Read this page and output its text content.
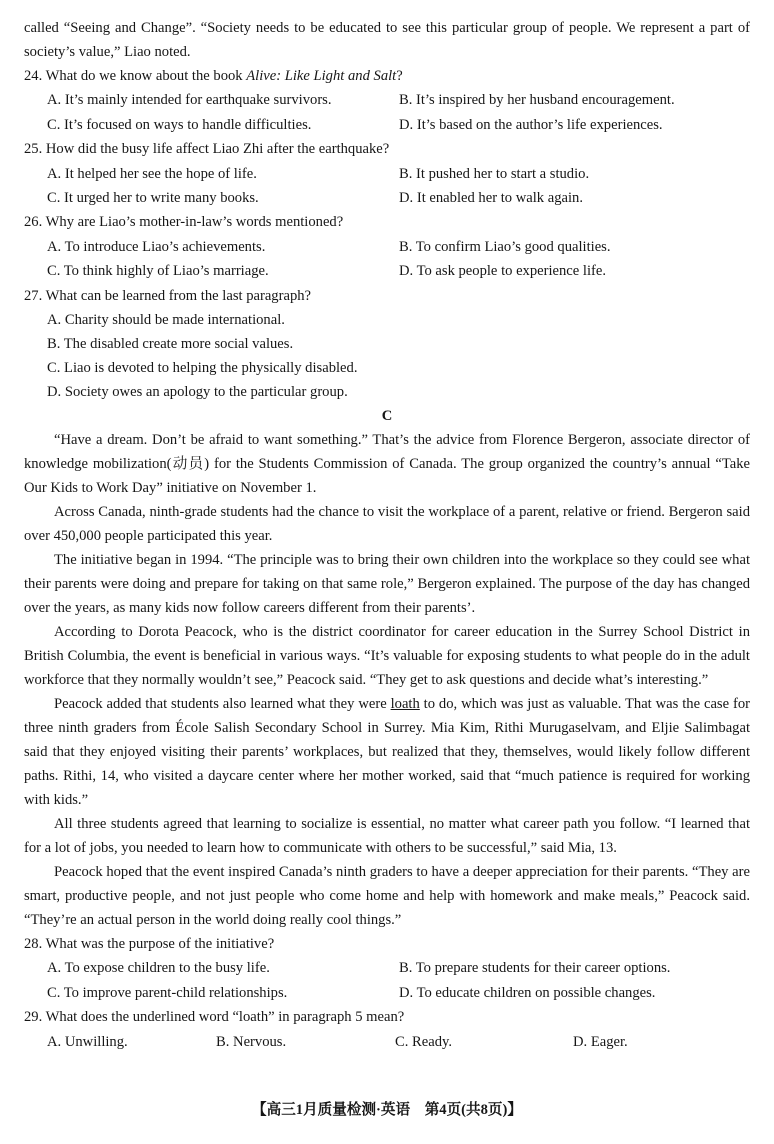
called “Seeing and Change”. “Society needs to be educated to see this particular group of people. We represent a part of society’s value,” Liao noted.

24. What do we know about the book Alive: Like Light and Salt?

A. It’s mainly intended for earthquake survivors.	B. It’s inspired by her husband encouragement.
C. It’s focused on ways to handle difficulties.	D. It’s based on the author’s life experiences.

25. How did the busy life affect Liao Zhi after the earthquake?

A. It helped her see the hope of life.	B. It pushed her to start a studio.
C. It urged her to write many books.	D. It enabled her to walk again.

26. Why are Liao’s mother-in-law’s words mentioned?

A. To introduce Liao’s achievements.	B. To confirm Liao’s good qualities.
C. To think highly of Liao’s marriage.	D. To ask people to experience life.

27. What can be learned from the last paragraph?

A. Charity should be made international.
B. The disabled create more social values.
C. Liao is devoted to helping the physically disabled.
D. Society owes an apology to the particular group.

C

“Have a dream. Don’t be afraid to want something.” That’s the advice from Florence Bergeron, associate director of knowledge mobilization(动员) for the Students Commission of Canada. The group organized the country’s annual “Take Our Kids to Work Day” initiative on November 1.

Across Canada, ninth-grade students had the chance to visit the workplace of a parent, relative or friend. Bergeron said over 450,000 people participated this year.

The initiative began in 1994. “The principle was to bring their own children into the workplace so they could see what their parents were doing and prepare for taking on that same role,” Bergeron explained. The purpose of the day has changed over the years, as many kids now follow careers different from their parents’.

According to Dorota Peacock, who is the district coordinator for career education in the Surrey School District in British Columbia, the event is beneficial in various ways. “It’s valuable for exposing students to what people do in the adult workforce that they normally wouldn’t see,” Peacock said. “They get to ask questions and decide what’s interesting.”

Peacock added that students also learned what they were loath to do, which was just as valuable. That was the case for three ninth graders from École Salish Secondary School in Surrey. Mia Kim, Rithi Murugaselvam, and Eljie Salimbagat said that they enjoyed visiting their parents’ workplaces, but realized that they, themselves, would likely follow different paths. Rithi, 14, who visited a daycare center where her mother worked, said that “much patience is required for working with kids.”

All three students agreed that learning to socialize is essential, no matter what career path you follow. “I learned that for a lot of jobs, you needed to learn how to communicate with others to be successful,” said Mia, 13.

Peacock hoped that the event inspired Canada’s ninth graders to have a deeper appreciation for their parents. “They are smart, productive people, and not just people who come home and help with homework and make meals,” Peacock said. “They’re an actual person in the world doing really cool things.”

28. What was the purpose of the initiative?

A. To expose children to the busy life.	B. To prepare students for their career options.
C. To improve parent-child relationships.	D. To educate children on possible changes.

29. What does the underlined word “loath” in paragraph 5 mean?

A. Unwilling.	B. Nervous.	C. Ready.	D. Eager.
【高三1月质量检测·英语　第4页(共8页)】
